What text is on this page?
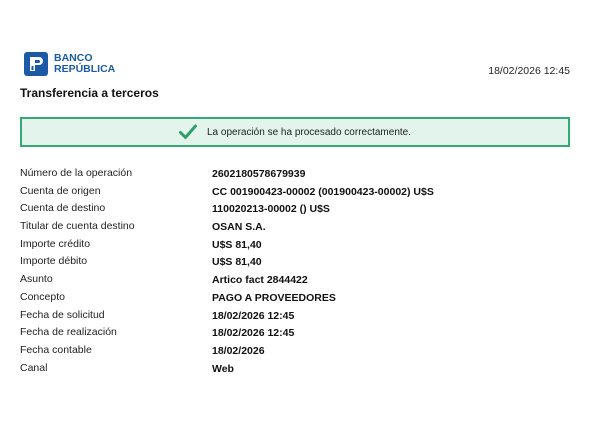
BANCO
REPÚBLICA	18/02/2026 12:45
Transferencia a terceros
La operación se ha procesado correctamente.
Número de la operación	2602180578679939
Cuenta de origen	CC 001900423-00002 (001900423-00002) U$S
Cuenta de destino	110020213-00002 () U$S
Titular de cuenta destino	OSAN S.A.
Importe crédito	U$S 81,40
Importe débito	U$S 81,40
Asunto	Artico fact 2844422
Concepto	PAGO A PROVEEDORES
Fecha de solicitud	18/02/2026 12:45
Fecha de realización	18/02/2026 12:45
Fecha contable	18/02/2026
Canal	Web
